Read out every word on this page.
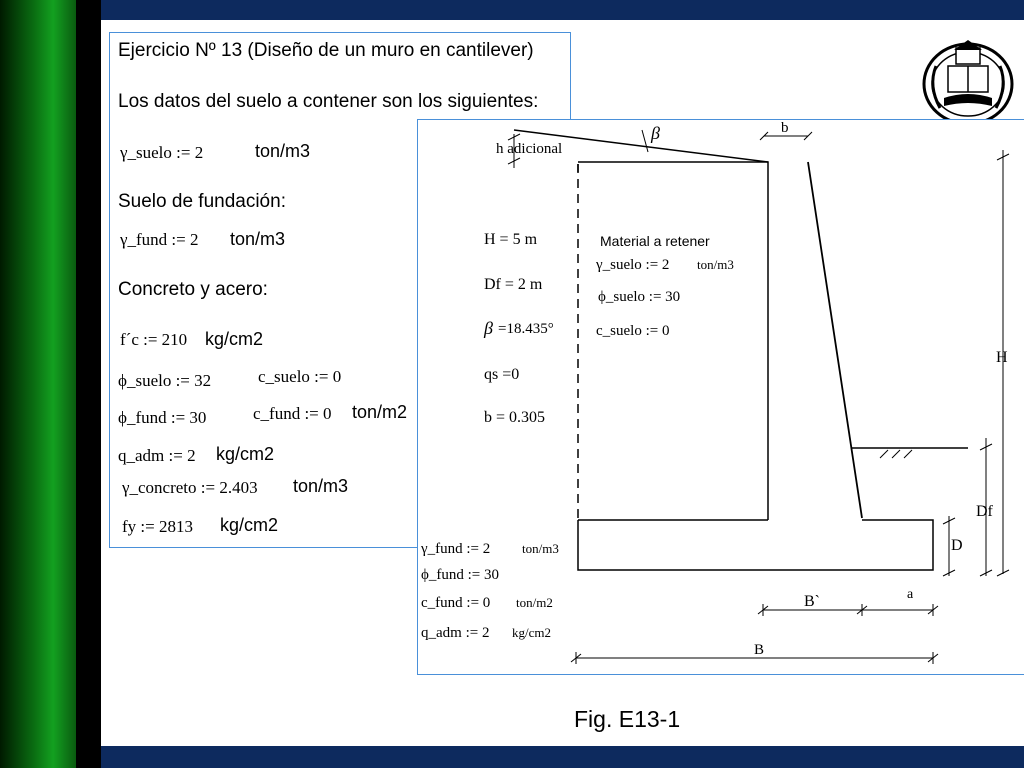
Ejercicio Nº 13 (Diseño de un muro en cantilever)
Los datos del suelo a contener son los siguientes:
γ_suelo := 2	ton/m3
Suelo de fundación:
γ_fund := 2 ton/m3
Concreto y acero:
f´c := 210 kg/cm2
ϕ_suelo := 32	c_suelo := 0
ϕ_fund := 30	c_fund := 0 ton/m2
q_adm := 2 kg/cm2
γ_concreto := 2.403 ton/m3
fy := 2813 kg/cm2
h adicional
β	b
H
Df
D
B`	a
B
H = 5 m
Df = 2 m
β =18.435°
qs =0
b = 0.305
Material a retener
γ_suelo := 2 ton/m3
ϕ_suelo := 30
c_suelo := 0
γ_fund := 2 ton/m3
ϕ_fund := 30
c_fund := 0 ton/m2
q_adm := 2 kg/cm2
Fig. E13-1
